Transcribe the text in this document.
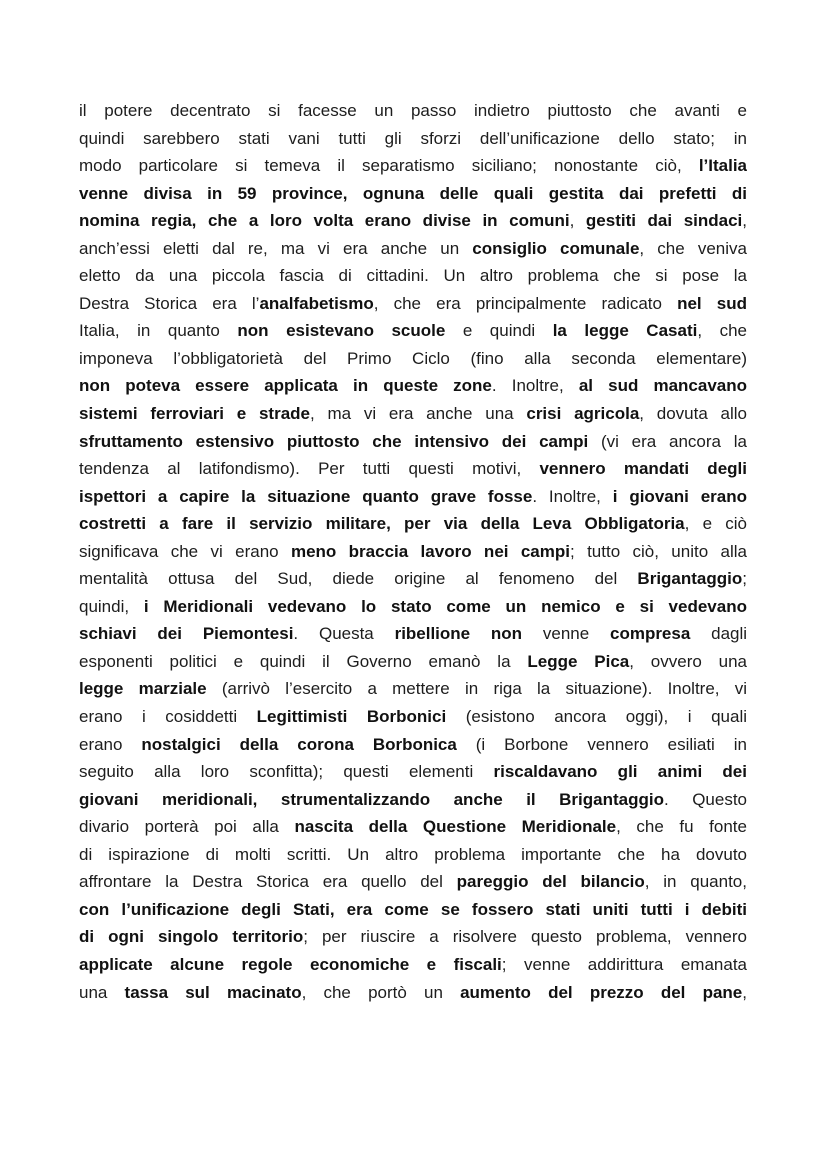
il potere decentrato si facesse un passo indietro piuttosto che avanti e
quindi sarebbero stati vani tutti gli sforzi dell’unificazione dello stato; in
modo particolare si temeva il separatismo siciliano; nonostante ciò, l’Italia
venne divisa in 59 province, ognuna delle quali gestita dai prefetti di
nomina regia, che a loro volta erano divise in comuni, gestiti dai sindaci,
anch’essi eletti dal re, ma vi era anche un consiglio comunale, che veniva
eletto da una piccola fascia di cittadini. Un altro problema che si pose la
Destra Storica era l’analfabetismo, che era principalmente radicato nel sud
Italia, in quanto non esistevano scuole e quindi la legge Casati, che
imponeva l’obbligatorietà del Primo Ciclo (fino alla seconda elementare)
non poteva essere applicata in queste zone. Inoltre, al sud mancavano
sistemi ferroviari e strade, ma vi era anche una crisi agricola, dovuta allo
sfruttamento estensivo piuttosto che intensivo dei campi (vi era ancora la
tendenza al latifondismo). Per tutti questi motivi, vennero mandati degli
ispettori a capire la situazione quanto grave fosse. Inoltre, i giovani erano
costretti a fare il servizio militare, per via della Leva Obbligatoria, e ciò
significava che vi erano meno braccia lavoro nei campi; tutto ciò, unito alla
mentalità ottusa del Sud, diede origine al fenomeno del Brigantaggio;
quindi, i Meridionali vedevano lo stato come un nemico e si vedevano
schiavi dei Piemontesi. Questa ribellione non venne compresa dagli
esponenti politici e quindi il Governo emanò la Legge Pica, ovvero una
legge marziale (arrivò l’esercito a mettere in riga la situazione). Inoltre, vi
erano i cosiddetti Legittimisti Borbonici (esistono ancora oggi), i quali
erano nostalgici della corona Borbonica (i Borbone vennero esiliati in
seguito alla loro sconfitta); questi elementi riscaldavano gli animi dei
giovani meridionali, strumentalizzando anche il Brigantaggio. Questo
divario porterà poi alla nascita della Questione Meridionale, che fu fonte
di ispirazione di molti scritti. Un altro problema importante che ha dovuto
affrontare la Destra Storica era quello del pareggio del bilancio, in quanto,
con l’unificazione degli Stati, era come se fossero stati uniti tutti i debiti
di ogni singolo territorio; per riuscire a risolvere questo problema, vennero
applicate alcune regole economiche e fiscali; venne addirittura emanata
una tassa sul macinato, che portò un aumento del prezzo del pane,
